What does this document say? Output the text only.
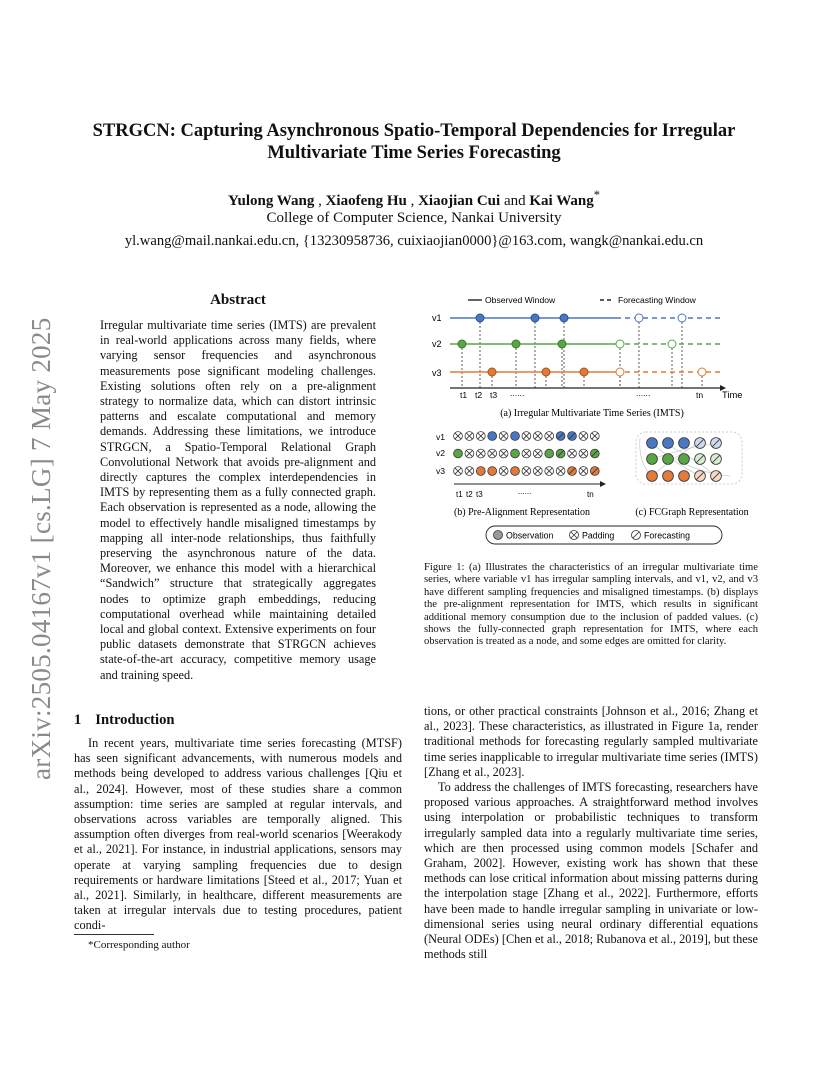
arXiv:2505.04167v1 [cs.LG] 7 May 2025
STRGCN: Capturing Asynchronous Spatio-Temporal Dependencies for Irregular Multivariate Time Series Forecasting
Yulong Wang , Xiaofeng Hu , Xiaojian Cui and Kai Wang*
College of Computer Science, Nankai University
yl.wang@mail.nankai.edu.cn, {13230958736, cuixiaojian0000}@163.com, wangk@nankai.edu.cn
Abstract
Irregular multivariate time series (IMTS) are prevalent in real-world applications across many fields, where varying sensor frequencies and asynchronous measurements pose significant modeling challenges. Existing solutions often rely on a pre-alignment strategy to normalize data, which can distort intrinsic patterns and escalate computational and memory demands. Addressing these limitations, we introduce STRGCN, a Spatio-Temporal Relational Graph Convolutional Network that avoids pre-alignment and directly captures the complex interdependencies in IMTS by representing them as a fully connected graph. Each observation is represented as a node, allowing the model to effectively handle misaligned timestamps by mapping all inter-node relationships, thus faithfully preserving the asynchronous nature of the data. Moreover, we enhance this model with a hierarchical “Sandwich” structure that strategically aggregates nodes to optimize graph embeddings, reducing computational overhead while maintaining detailed local and global context. Extensive experiments on four public datasets demonstrate that STRGCN achieves state-of-the-art accuracy, competitive memory usage and training speed.
1 Introduction

In recent years, multivariate time series forecasting (MTSF) has seen significant advancements, with numerous models and methods being developed to address various challenges [Qiu et al., 2024]. However, most of these studies share a common assumption: time series are sampled at regular intervals, and observations across variables are temporally aligned. This assumption often diverges from real-world scenarios [Weerakody et al., 2021]. For instance, in industrial applications, sensors may operate at varying sampling frequencies due to design requirements or hardware limitations [Steed et al., 2017; Yuan et al., 2021]. Similarly, in healthcare, different measurements are taken at irregular intervals due to testing procedures, patient condi-

*Corresponding author
Observed Window	Forecasting Window
v1
v2
v3
t1 t2 t3 ......	......	tn Time
(a) Irregular Multivariate Time Series (IMTS)
v1
v2
v3
t1 t2 t3	......	tn
(b) Pre-Alignment Representation	(c) FCGraph Representation
Observation	Padding	Forecasting
Figure 1: (a) Illustrates the characteristics of an irregular multivariate time series, where variable v1 has irregular sampling intervals, and v1, v2, and v3 have different sampling frequencies and misaligned timestamps. (b) displays the pre-alignment representation for IMTS, which results in significant additional memory consumption due to the inclusion of padded values. (c) shows the fully-connected graph representation for IMTS, where each observation is treated as a node, and some edges are omitted for clarity.

tions, or other practical constraints [Johnson et al., 2016; Zhang et al., 2023]. These characteristics, as illustrated in Figure 1a, render traditional methods for forecasting regularly sampled multivariate time series inapplicable to irregular multivariate time series (IMTS) [Zhang et al., 2023].

To address the challenges of IMTS forecasting, researchers have proposed various approaches. A straightforward method involves using interpolation or probabilistic techniques to transform irregularly sampled data into a regularly multivariate time series, which are then processed using common models [Schafer and Graham, 2002]. However, existing work has shown that these methods can lose critical information about missing patterns during the interpolation stage [Zhang et al., 2022]. Furthermore, efforts have been made to handle irregular sampling in univariate or low-dimensional series using neural ordinary differential equations (Neural ODEs) [Chen et al., 2018; Rubanova et al., 2019], but these methods still
